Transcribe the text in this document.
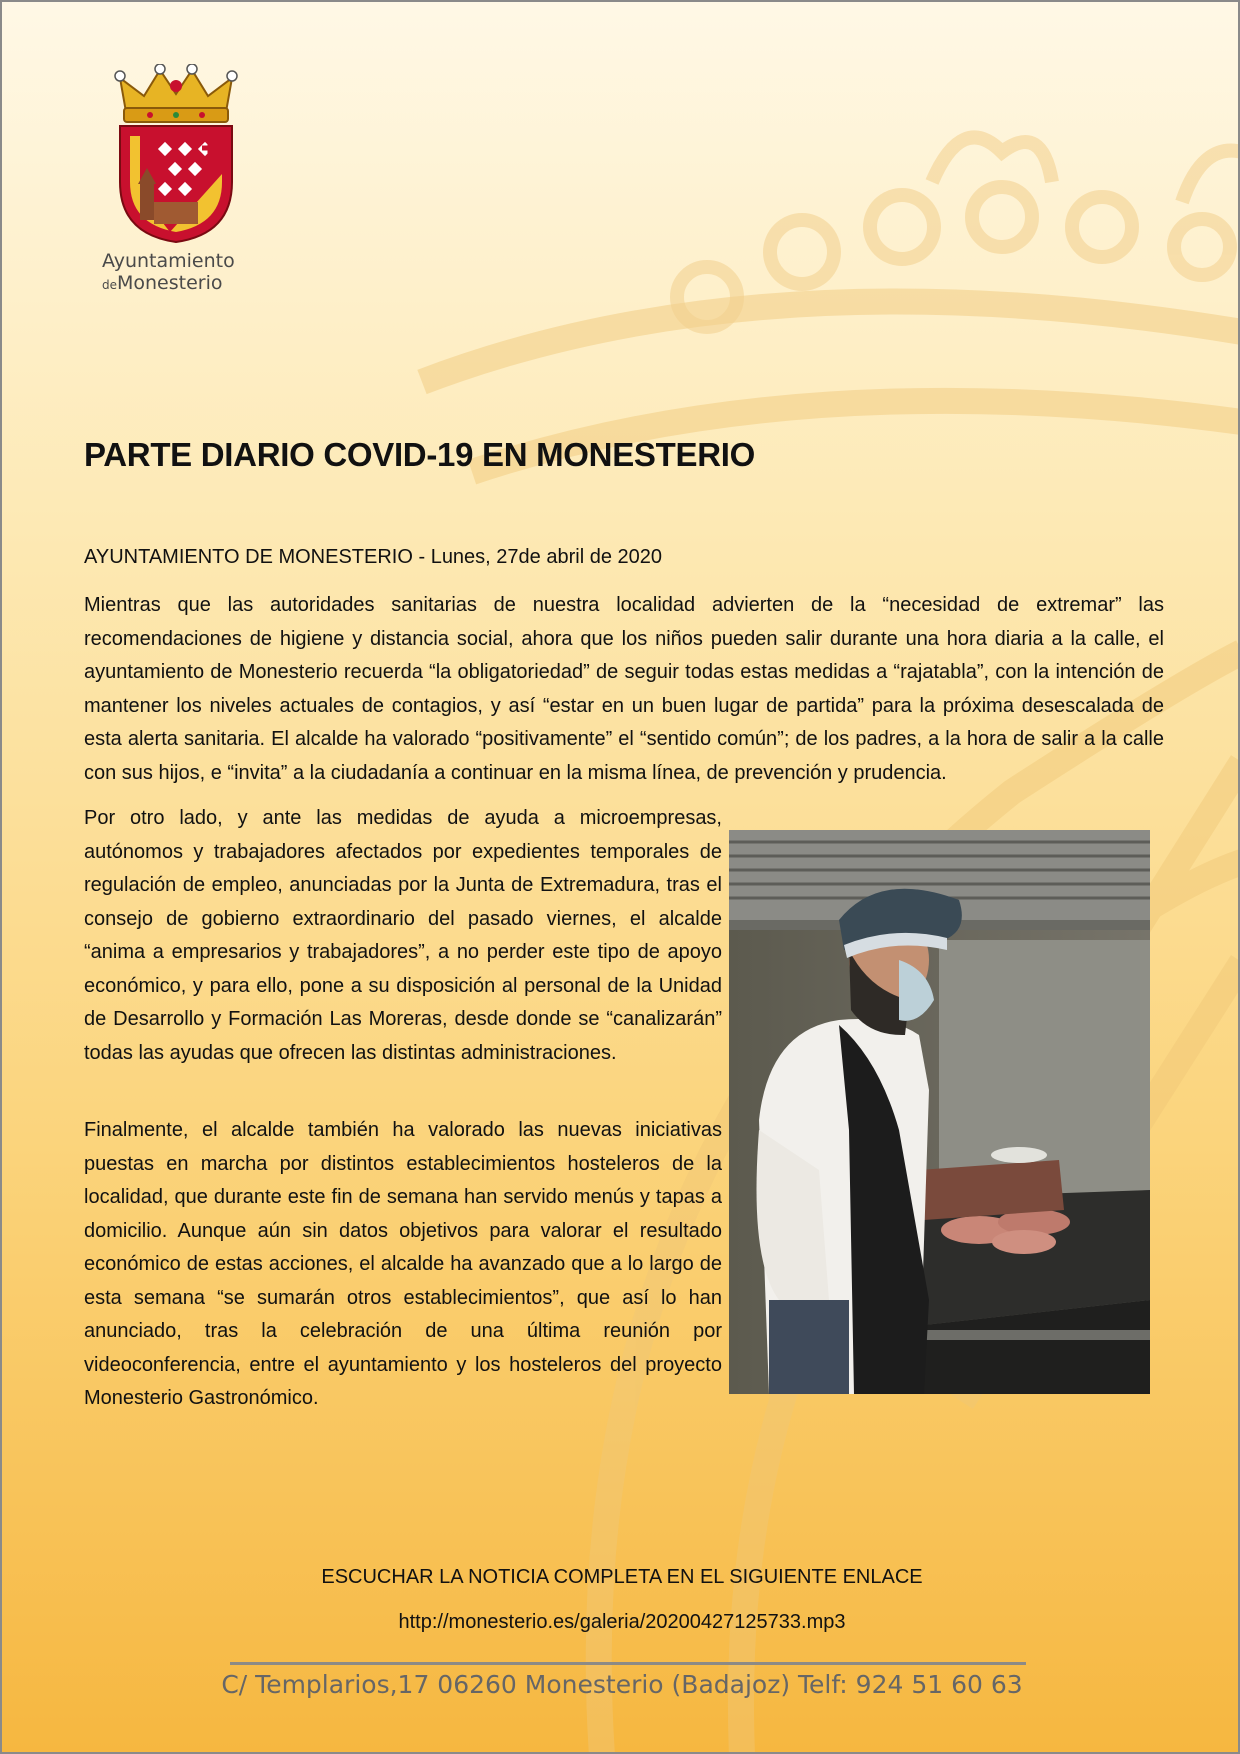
Ayuntamiento
deMonesterio
PARTE DIARIO COVID-19 EN MONESTERIO
AYUNTAMIENTO DE MONESTERIO - Lunes, 27de abril de 2020

Mientras que las autoridades sanitarias de nuestra localidad advierten de la “necesidad de extremar” las recomendaciones de higiene y distancia social, ahora que los niños pueden salir durante una hora diaria a la calle, el ayuntamiento de Monesterio recuerda “la obligatoriedad” de seguir todas estas medidas a “rajatabla”, con la intención de mantener los niveles actuales de contagios, y así “estar en un buen lugar de partida” para la próxima desescalada de esta alerta sanitaria. El alcalde ha valorado “positivamente” el “sentido común”; de los padres, a la hora de salir a la calle con sus hijos, e “invita” a la ciudadanía a continuar en la misma línea, de prevención y prudencia.

Por otro lado, y ante las medidas de ayuda a microempresas, autónomos y trabajadores afectados por expedientes temporales de regulación de empleo, anunciadas por la Junta de Extremadura, tras el consejo de gobierno extraordinario del pasado viernes, el alcalde “anima a empresarios y trabajadores”, a no perder este tipo de apoyo económico, y para ello, pone a su disposición al personal de la Unidad de Desarrollo y Formación Las Moreras, desde donde se “canalizarán” todas las ayudas que ofrecen las distintas administraciones.

Finalmente, el alcalde también ha valorado las nuevas iniciativas puestas en marcha por distintos establecimientos hosteleros de la localidad, que durante este fin de semana han servido menús y tapas a domicilio. Aunque aún sin datos objetivos para valorar el resultado económico de estas acciones, el alcalde ha avanzado que a lo largo de esta semana “se sumarán otros establecimientos”, que así lo han anunciado, tras la celebración de una última reunión por videoconferencia, entre el ayuntamiento y los hosteleros del proyecto Monesterio Gastronómico.

ESCUCHAR LA NOTICIA COMPLETA EN EL SIGUIENTE ENLACE
http://monesterio.es/galeria/20200427125733.mp3
C/ Templarios,17 06260 Monesterio (Badajoz) Telf: 924 51 60 63
